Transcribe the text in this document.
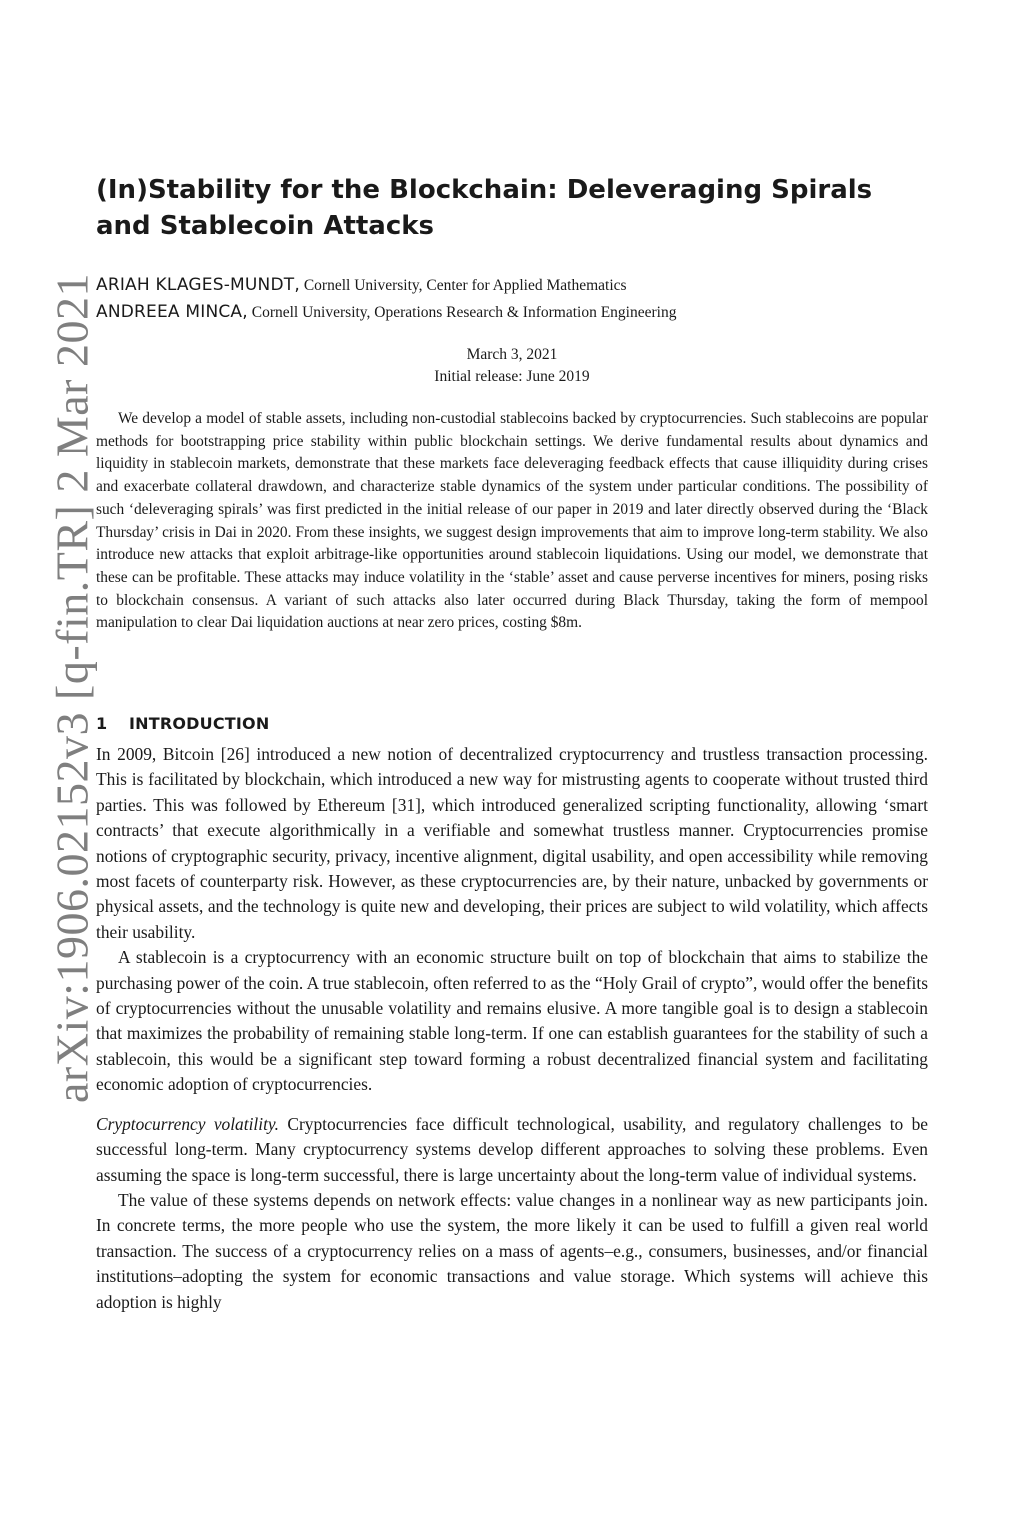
arXiv:1906.02152v3 [q-fin.TR] 2 Mar 2021
(In)Stability for the Blockchain: Deleveraging Spirals and Stablecoin Attacks
ARIAH KLAGES-MUNDT, Cornell University, Center for Applied Mathematics
ANDREEA MINCA, Cornell University, Operations Research & Information Engineering
March 3, 2021
Initial release: June 2019

We develop a model of stable assets, including non-custodial stablecoins backed by cryptocurrencies. Such stablecoins are popular methods for bootstrapping price stability within public blockchain settings. We derive fundamental results about dynamics and liquidity in stablecoin markets, demonstrate that these markets face deleveraging feedback effects that cause illiquidity during crises and exacerbate collateral drawdown, and characterize stable dynamics of the system under particular conditions. The possibility of such ‘deleveraging spirals’ was first predicted in the initial release of our paper in 2019 and later directly observed during the ‘Black Thursday’ crisis in Dai in 2020. From these insights, we suggest design improvements that aim to improve long-term stability. We also introduce new attacks that exploit arbitrage-like opportunities around stablecoin liquidations. Using our model, we demonstrate that these can be profitable. These attacks may induce volatility in the ‘stable’ asset and cause perverse incentives for miners, posing risks to blockchain consensus. A variant of such attacks also later occurred during Black Thursday, taking the form of mempool manipulation to clear Dai liquidation auctions at near zero prices, costing $8m.

1 INTRODUCTION

In 2009, Bitcoin [26] introduced a new notion of decentralized cryptocurrency and trustless transaction processing. This is facilitated by blockchain, which introduced a new way for mistrusting agents to cooperate without trusted third parties. This was followed by Ethereum [31], which introduced generalized scripting functionality, allowing ‘smart contracts’ that execute algorithmically in a verifiable and somewhat trustless manner. Cryptocurrencies promise notions of cryptographic security, privacy, incentive alignment, digital usability, and open accessibility while removing most facets of counterparty risk. However, as these cryptocurrencies are, by their nature, unbacked by governments or physical assets, and the technology is quite new and developing, their prices are subject to wild volatility, which affects their usability.

A stablecoin is a cryptocurrency with an economic structure built on top of blockchain that aims to stabilize the purchasing power of the coin. A true stablecoin, often referred to as the “Holy Grail of crypto”, would offer the benefits of cryptocurrencies without the unusable volatility and remains elusive. A more tangible goal is to design a stablecoin that maximizes the probability of remaining stable long-term. If one can establish guarantees for the stability of such a stablecoin, this would be a significant step toward forming a robust decentralized financial system and facilitating economic adoption of cryptocurrencies.

Cryptocurrency volatility. Cryptocurrencies face difficult technological, usability, and regulatory challenges to be successful long-term. Many cryptocurrency systems develop different approaches to solving these problems. Even assuming the space is long-term successful, there is large uncertainty about the long-term value of individual systems.

The value of these systems depends on network effects: value changes in a nonlinear way as new participants join. In concrete terms, the more people who use the system, the more likely it can be used to fulfill a given real world transaction. The success of a cryptocurrency relies on a mass of agents–e.g., consumers, businesses, and/or financial institutions–adopting the system for economic transactions and value storage. Which systems will achieve this adoption is highly
